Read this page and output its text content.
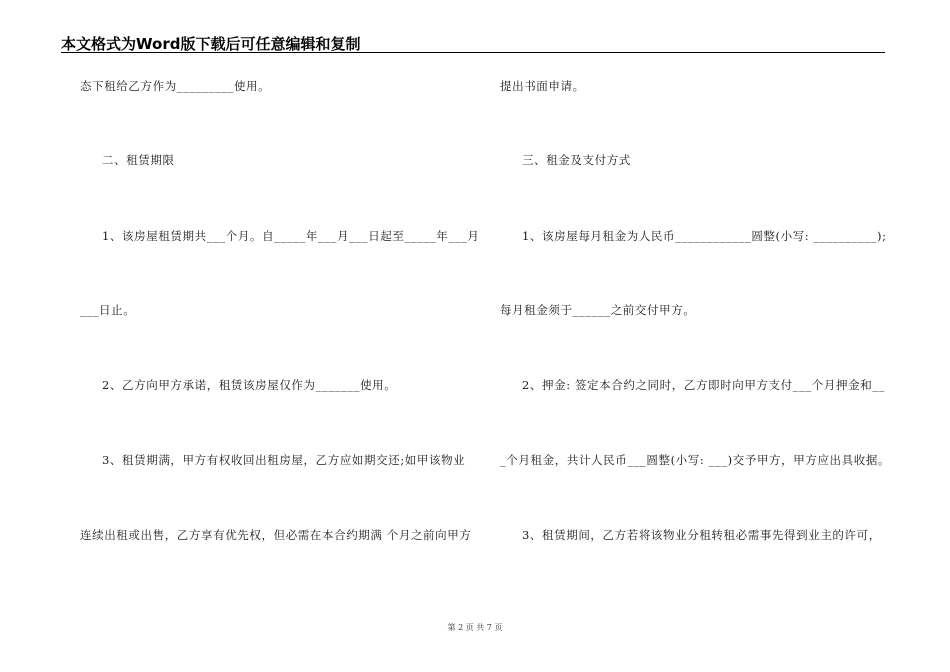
本文格式为Word版下载后可任意编辑和复制
态下租给乙方作为_________使用。
二、租赁期限
1、该房屋租赁期共___个月。自_____年___月___日起至_____年___月
___日止。
2、乙方向甲方承诺，租赁该房屋仅作为_______使用。
3、租赁期满，甲方有权收回出租房屋，乙方应如期交还;如甲该物业
连续出租或出售，乙方享有优先权，但必需在本合约期满 个月之前向甲方
提出书面申请。
三、租金及支付方式
1、该房屋每月租金为人民币____________圆整(小写: __________);
每月租金须于______之前交付甲方。
2、押金: 签定本合约之同时，乙方即时向甲方支付___个月押金和__
_个月租金，共计人民币___圆整(小写: ___)交予甲方，甲方应出具收据。
3、租赁期间，乙方若将该物业分租转租必需事先得到业主的许可，
第 2 页 共 7 页
